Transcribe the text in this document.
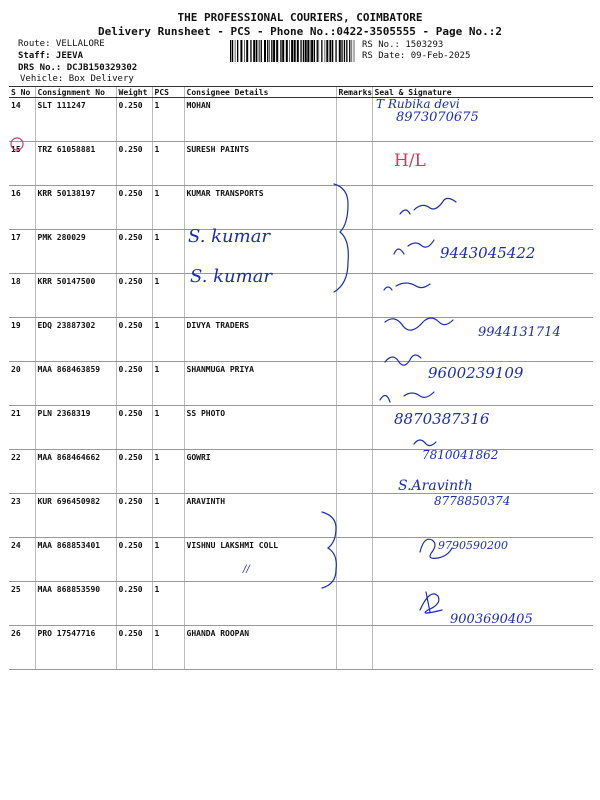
THE PROFESSIONAL COURIERS, COIMBATORE
Delivery Runsheet - PCS - Phone No.:0422-3505555 - Page No.:2
Route: VELLALORE
Staff: JEEVA
DRS No.: DCJB150329302
Vehicle: Box Delivery
RS No.: 1503293
RS Date: 09-Feb-2025
S No	Consignment No	Weight	PCS	Consignee Details	Remarks	Seal & Signature
14	SLT 111247	0.250	1	MOHAN		
15	TRZ 61058881	0.250	1	SURESH PAINTS		
16	KRR 50138197	0.250	1	KUMAR TRANSPORTS		
17	PMK 280029	0.250	1			
18	KRR 50147500	0.250	1			
19	EDQ 23887302	0.250	1	DIVYA TRADERS		
20	MAA 868463859	0.250	1	SHANMUGA PRIYA		
21	PLN 2368319	0.250	1	SS PHOTO		
22	MAA 868464662	0.250	1	GOWRI		
23	KUR 696450982	0.250	1	ARAVINTH		
24	MAA 868853401	0.250	1	VISHNU LAKSHMI COLL		
25	MAA 868853590	0.250	1			
26	PRO 17547716	0.250	1	GHANDA ROOPAN		
T Rubika devi
8973070675
H/L
S. kumar
S. kumar
9443045422
9944131714
9600239109
8870387316
7810041862
S.Aravinth
8778850374
//
9790590200
9003690405
